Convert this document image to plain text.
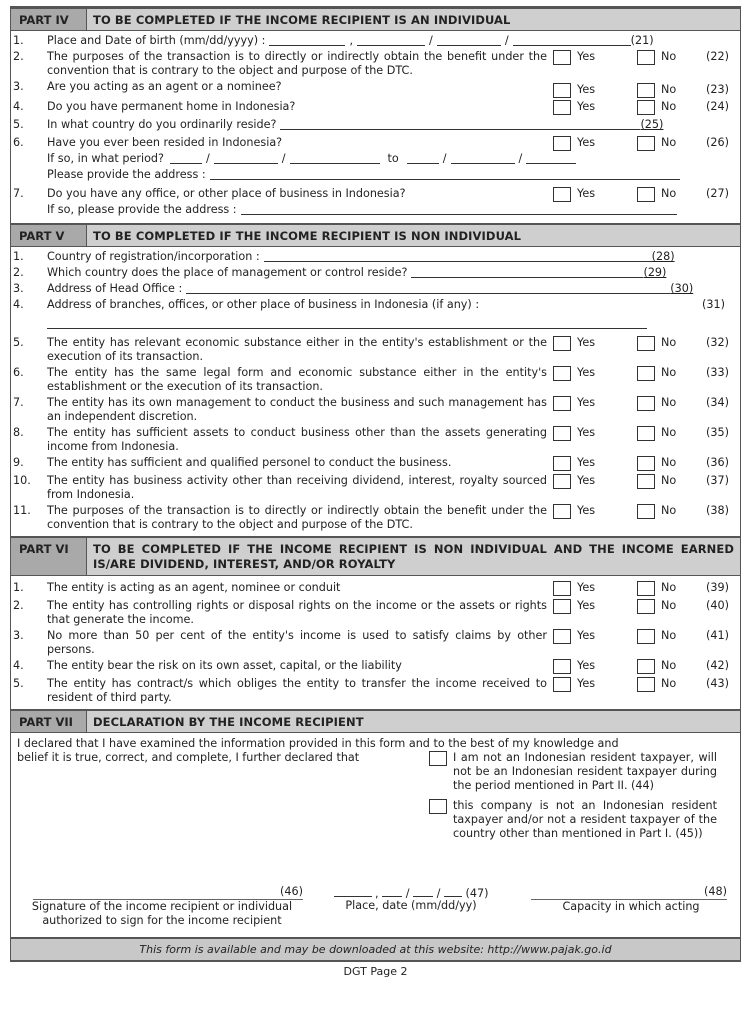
PART IV	TO BE COMPLETED IF THE INCOME RECIPIENT IS AN INDIVIDUAL
1.	Place and Date of birth (mm/dd/yyyy) :	,	/	/	(21)
2.	The purposes of the transaction is to directly or indirectly obtain the benefit under the convention that is contrary to the object and purpose of the DTC.
Yes	No	(22)
3.	Are you acting as an agent or a nominee?	Yes	No	(23)
4.	Do you have permanent home in Indonesia?	Yes	No	(24)
5.	In what country do you ordinarily reside?	(25)
6.	Have you ever been resided in Indonesia?	Yes	No	(26)
If so, in what period?	/	/	to	/	/
Please provide the address :
7.	Do you have any office, or other place of business in Indonesia?	Yes	No	(27)
If so, please provide the address :
PART V	TO BE COMPLETED IF THE INCOME RECIPIENT IS NON INDIVIDUAL
1.	Country of registration/incorporation :	(28)
2.	Which country does the place of management or control reside?	(29)
3.	Address of Head Office :	(30)
4.	Address of branches, offices, or other place of business in Indonesia (if any) :	(31)
5.	The entity has relevant economic substance either in the entity's establishment or the execution of its transaction.
Yes	No	(32)
6.	The entity has the same legal form and economic substance either in the entity's establishment or the execution of its transaction.
Yes	No	(33)
7.	The entity has its own management to conduct the business and such management has an independent discretion.
Yes	No	(34)
8.	The entity has sufficient assets to conduct business other than the assets generating income from Indonesia.
Yes	No	(35)
9.	The entity has sufficient and qualified personel to conduct the business.	Yes	No	(36)
10.	The entity has business activity other than receiving dividend, interest, royalty sourced from Indonesia.
Yes	No	(37)
11.	The purposes of the transaction is to directly or indirectly obtain the benefit under the convention that is contrary to the object and purpose of the DTC.
Yes	No	(38)
PART VI	TO BE COMPLETED IF THE INCOME RECIPIENT IS NON INDIVIDUAL AND THE INCOME EARNED IS/ARE DIVIDEND, INTEREST, AND/OR ROYALTY
1.	The entity is acting as an agent, nominee or conduit	Yes	No	(39)
2.	The entity has controlling rights or disposal rights on the income or the assets or rights that generate the income.
Yes	No	(40)
3.	No more than 50 per cent of the entity's income is used to satisfy claims by other persons.
Yes	No	(41)
4.	The entity bear the risk on its own asset, capital, or the liability	Yes	No	(42)
5.	The entity has contract/s which obliges the entity to transfer the income received to resident of third party.
Yes	No	(43)
PART VII	DECLARATION BY THE INCOME RECIPIENT
I declared that I have examined the information provided in this form and to the best of my knowledge and
belief it is true, correct, and complete, I further declared that	I am not an Indonesian resident taxpayer, will not be an Indonesian resident taxpayer during the period mentioned in Part II. (44)
this company is not an Indonesian resident taxpayer and/or not a resident taxpayer of the country other than mentioned in Part I. (45))
(46)
Signature of the income recipient or individual authorized to sign for the income recipient
,  /  /  (47)
Place, date (mm/dd/yy)
(48)
Capacity in which acting
This form is available and may be downloaded at this website: http://www.pajak.go.id
DGT Page 2
